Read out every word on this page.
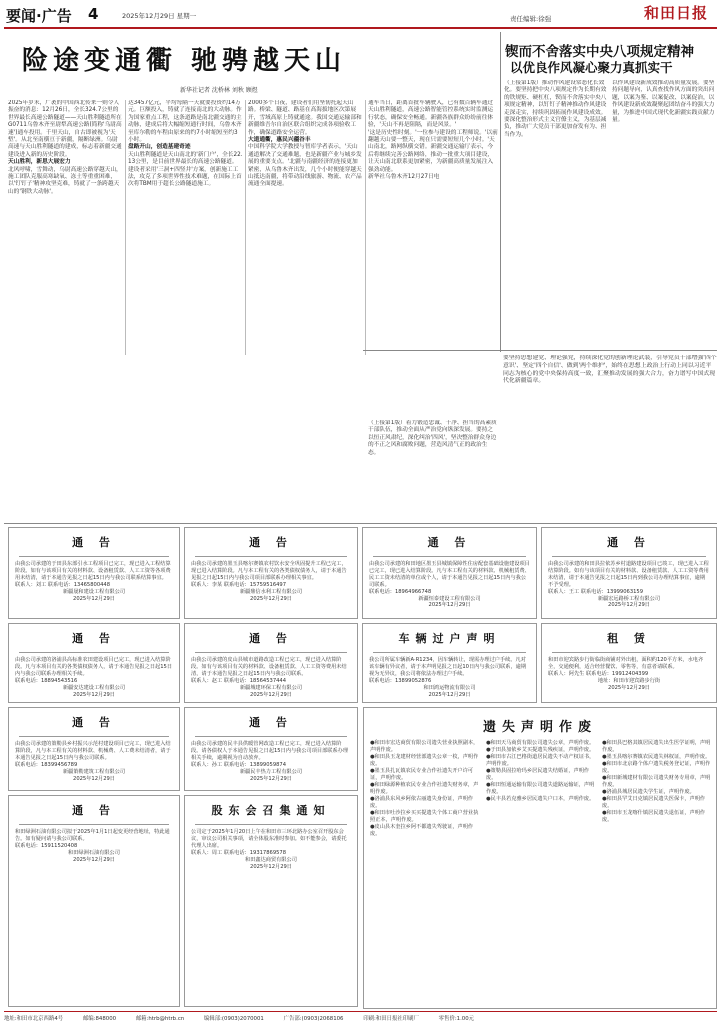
要闻·广告 4	2025年12月29日 星期一	责任编辑:徐强	和田日报
险途变通衢 驰骋越天山
新华社记者 沈桥林 刘秋 顾煜
2025年岁末，广袤的中国西北传来一则令人振奋的消息：12月26日，全长324.7公里的世界最长高速公路隧道——天山胜利隧道所在G0711乌鲁木齐至尉犁高速公路(简称'乌尉高速')通车投用。千里天山，自古即被视为'天堑'。从北至南横亘于新疆，隔断绿洲。乌尉高速与天山胜利隧道的建成，标志着新疆交通建设进入新的历史阶段。
天山胜利，新思大展宏力
北风呼啸，雪舞动，乌尉高速公路穿越天山，施工团队克服高寒缺氧、冻土等重重困难，以'钉钉子'精神攻坚克难，铸就了一条跨越天山的'钢铁大动脉'。
达3457亿元，平均每隔一天就要投资约14万元。巨额投入，铸就了连接南北的大动脉。作为国家重点工程，这条道路是南北疆交通的主动脉，建成后将大幅缩短通行时间，乌鲁木齐至库尔勒的车程由原来的约7小时缩短至约3小时。
盘路开山，创造基建奇迹
天山胜利隧道是天山南北的'新门户'，全长22.13公里，是目前世界最长的高速公路隧道。建设者采用'三洞+四竖井'方案，创新施工工法，攻克了多项世界性技术难题，在国际上首次将TBM用于超长公路隧道施工。
2000多个日夜，建设者们用坚韧托起天山路。桥梁、隧道、路基在高海拔地区次第展开，雪域高原上铸就通途。我国交通运输部和新疆维吾尔自治区联合组织完成各项验收工作，确保道路安全运营。
大道通衢，惠民兴疆谷丰
中国科学院大学教授与智库学者表示，'天山通道解决了交通难题，也是新疆产业与城乡发展的重要支点。'北疆与南疆经济的连接更加紧密，从乌鲁木齐出发，几个小时便能穿越天山抵达南疆，将带动沿线旅游、物流、农产品流通全面提速。
通车当日，距离首批车辆驶入，已有数百辆车通过天山胜利隧道，高速公路智能管控系统实时监测运行状态，确保安全畅通。新疆各族群众纷纷前往体验，'天山不再是阻隔，而是风景。'
'这是历史性时刻。'一位参与建设的工程师说。'以前翻越天山要一整天，现在只需要短短几个小时。'天山南北，路网纵横交错。新疆交通运输厅表示，今后将继续完善公路网络，推动一批重大项目建设，让天山南北联系更加紧密，为新疆高质量发展注入强劲动能。
新华社乌鲁木齐12月27日电
锲而不舍落实中央八项规定精神
以优良作风凝心聚力真抓实干
（上接第1版）推动作风建设常态化长效化。要坚持把中央八项规定作为长期有效的铁规矩、硬杠杠，锲而不舍落实中央八项规定精神，以钉钉子精神推动作风建设走深走实，持续巩固拓展作风建设成效。要深化整治形式主义官僚主义，为基层减负，推动广大党员干部更加奋发有为、担当作为。
以作风建设新成效推动高质量发展。要坚持问题导向，认真查找作风方面的突出问题，以案为鉴、以案促改、以案促治，以作风建设新成效凝聚起团结奋斗的强大力量，为推进中国式现代化新疆实践贡献力量。
要坚持思想建党、理论强党，持续深化党的创新理论武装，引导党员干部增强'四个意识'、坚定'四个自信'、做到'两个维护'，始终在思想上政治上行动上同以习近平同志为核心的党中央保持高度一致，汇聚推动发展的强大合力，奋力谱写中国式现代化新疆篇章。
（上接第1版）着力锻造忠诚、干净、担当的高素质干部队伍，推动全面从严治党向纵深发展。要持之以恒正风肃纪，深化纠治'四风'，坚决整治群众身边的不正之风和腐败问题，营造风清气正的政治生态。
通 告
由我公司承建的于田县东部引水工程项目已完工，现已进入工程结算阶段。如有与该项目有关的材料款、设备租赁款、人工工资等各项费用未结清，请于本通告见报之日起15日内与我公司联系结算事宜。
联系人：刘工 联系电话：13465800448
新疆晟和建设工程有限公司
2025年12月29日
通 告
由我公司承建的墨玉县喀尔赛镇农村饮水安全巩固提升工程已完工，现已进入结算阶段。凡与本工程有关的各类债权债务人，请于本通告见报之日起15日内与我公司项目部联系办理相关事宜。
联系人：李某 联系电话：15759516497
新疆鼎信水利工程有限公司
2025年12月29日
通 告
由我公司承建的和田地区墨玉县城镇保障性住房配套基础设施建设项目已完工，现已进入结算阶段。凡与本工程有关的材料款、机械租赁费、民工工资未结清的单位或个人，请于本通告见报之日起15日内与我公司联系。
联系电话：18964966748
新疆恒泰建设工程有限公司
2025年12月29日
通 告
由我公司承建的和田县拉依苏乡村道路建设项目已竣工，现已进入工程结算阶段。如有与该项目有关的材料款、设备租赁款、人工工资等费用未结清，请于本通告见报之日起15日内到我公司办理结算事宜，逾期不予受理。
联系人：王工 联系电话：13999063159
新疆宏远路桥工程有限公司
2025年12月29日
通 告
由我公司承建的洛浦县高标准农田建设项目已完工，现已进入结算阶段。凡与本项目有关的各类债权债务人，请于本通告见报之日起15日内与我公司联系办理相关手续。
联系电话：18894543516
新疆安达建设工程有限公司
2025年12月29日
通 告
由我公司承建的皮山县城市道路改造工程已完工，现已进入结算阶段。如有与该项目有关的材料款、设备租赁款、人工工资等费用未结清，请于本通告见报之日起15日内与我公司联系。
联系人：赵工 联系电话：18564537444
新疆城建环保工程有限公司
2025年12月29日
车辆过户声明
我公司所属车辆新A·R1234，因车辆转让，现需办理过户手续。凡对该车辆有异议者，请于本声明见报之日起10日内与我公司联系，逾期视为无异议，我公司将依法办理过户手续。
联系电话：13899052876
和田鸿运物流有限公司
2025年12月29日
租 赁
和田市迎宾路步行街临街商铺对外出租，面积约120平方米，水电齐全，交通便利，适合经营餐饮、零售等，有意者请联系。
联系人：阿先生 联系电话：19912404399
地址：和田市迎宾路步行街
2025年12月29日
通 告
由我公司承建的策勒县乡村振兴示范村建设项目已完工，现已进入结算阶段，凡与本工程有关的材料款、机械费、人工费未结清者，请于本通告见报之日起15日内与我公司联系。
联系电话：18399456789
新疆策勒建筑工程有限公司
2025年12月29日
通 告
由我公司承建的民丰县供暖管网改造工程已完工，现已进入结算阶段。请各债权人于本通告见报之日起15日内与我公司项目部联系办理相关手续，逾期视为自动放弃。
联系人：孙工 联系电话：13899059874
新疆民丰热力工程有限公司
2025年12月29日
通 告
和田绿洲石油有限公司拟于2025年1月1日起变更经营地址，特此通告。如有疑问请与我公司联系。
联系电话：15911520408
和田绿洲石油有限公司
2025年12月29日
股东会召集通知
公司定于2025年1月20日上午在和田市三环北路办公室召开股东会议，审议公司相关事项，请全体股东准时参加。如不能参会，请委托代理人出席。
联系人：周工 联系电话：19317869578
和田鑫达商贸有限公司
2025年12月29日
遗失声明作废
●和田市宏达商贸有限公司遗失营业执照副本，声明作废。
●和田县玉龙建材经营部遗失公章一枚，声明作废。
●墨玉县扎瓦镇农民专业合作社遗失开户许可证，声明作废。
●和田绿源种植农民专业合作社遗失财务章，声明作废。
●洛浦县东风乡阿依古丽遗失身份证，声明作废。
●和田市吐沙拉乡买买提遗失个体工商户营业执照正本，声明作废。
●皮山县木奎拉乡阿不都遗失驾驶证，声明作废。
●和田天马商贸有限公司遗失公章，声明作废。
●于田县加依乡艾买提遗失残疾证，声明作废。
●和田市古江巴格街道居民遗失不动产权证书，声明作废。
●策勒县固拉哈玛乡居民遗失结婚证，声明作废。
●和田恒通运输有限公司遗失道路运输证，声明作废。
●民丰县若克雅乡居民遗失户口本，声明作废。
●和田县巴格其镇居民遗失出生医学证明，声明作废。
●墨玉县喀尔赛镇农民遗失林权证，声明作废。
●和田市北京路个体户遗失税务登记证，声明作废。
●和田新城建材有限公司遗失财务专用章，声明作废。
●洛浦县城居民遗失学生证，声明作废。
●和田县罕艾日克镇居民遗失医保卡，声明作废。
●和田市玉龙喀什镇居民遗失退伍证，声明作废。
地址:和田市北京西路4号	邮编:848000	邮箱:htrb@htrb.cn	编辑部:(0903)2070001	广告部:(0903)2068106	印刷:和田日报社印刷厂	零售价:1.00元
